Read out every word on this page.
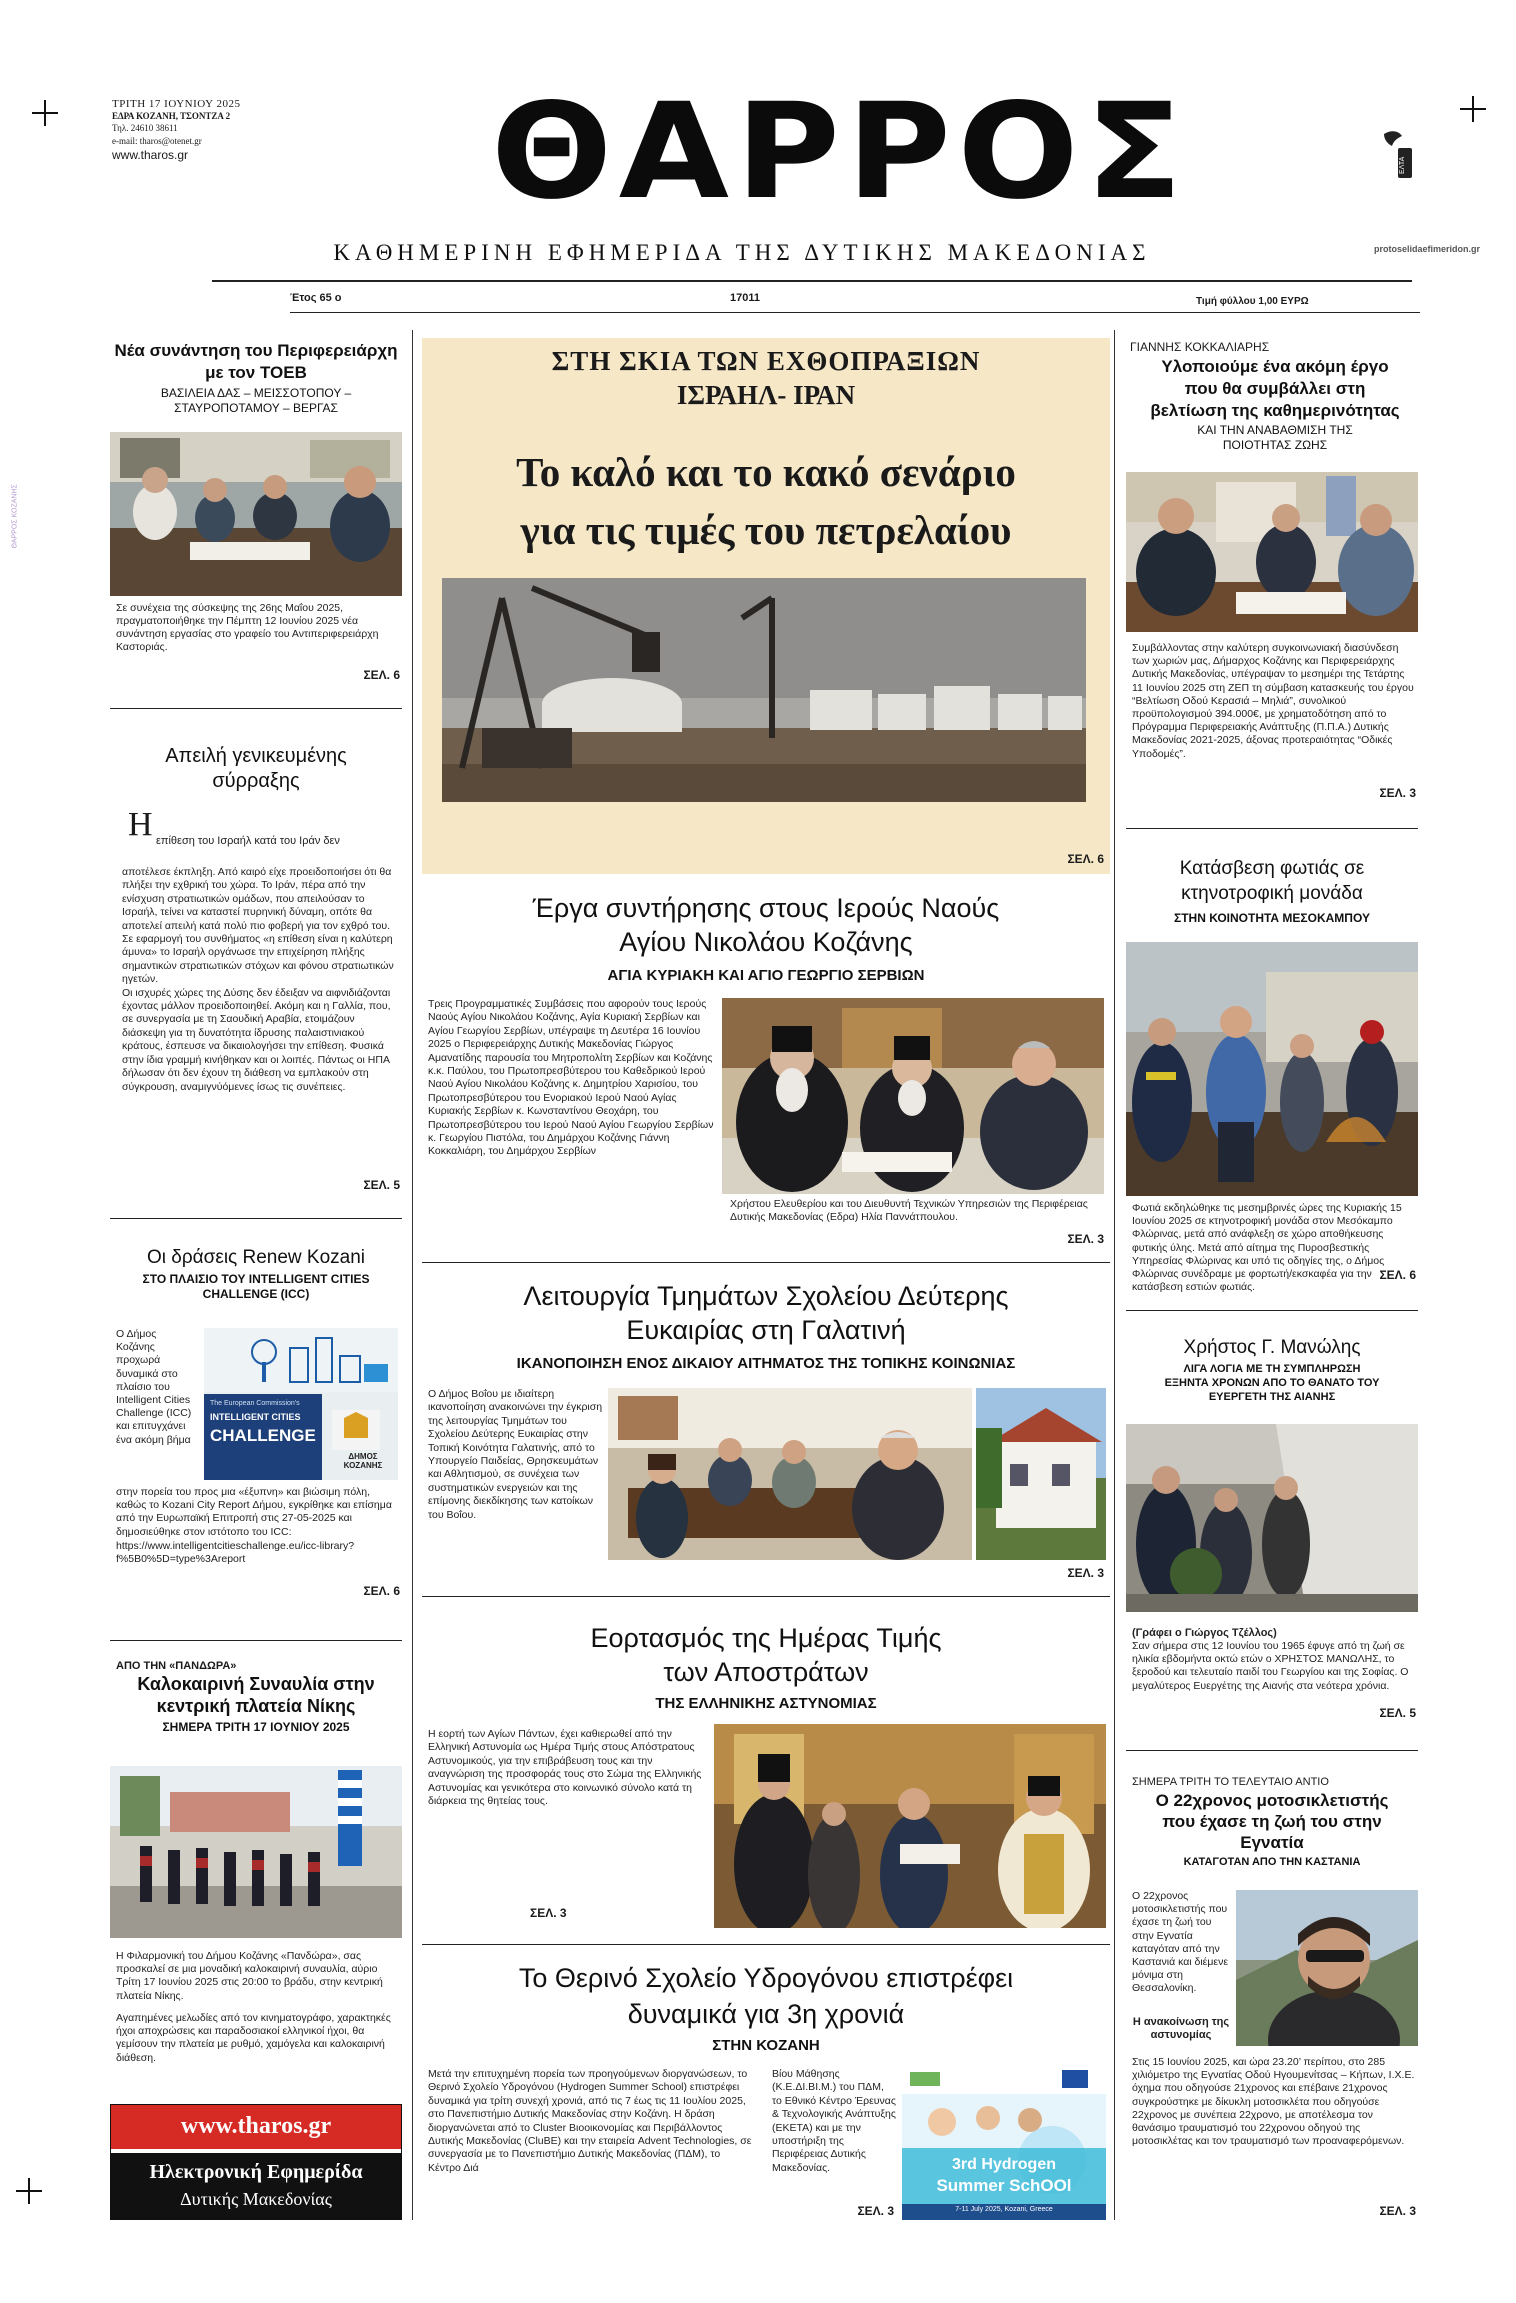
ΘΑΡΡΟΣ ΚΟΖΑΝΗΣ
ΤΡΙΤΗ 17 ΙΟΥΝΙΟΥ 2025
ΕΔΡΑ ΚΟΖΑΝΗ, ΤΣΟΝΤΖΑ 2
Τηλ. 24610 38611
e-mail: tharos@otenet.gr
www.tharos.gr	ΘΑΡΡΟΣ	ΕΛΤΑ
protoselidaefimeridon.gr
ΚΑΘΗΜΕΡΙΝΗ ΕΦΗΜΕΡΙΔΑ ΤΗΣ ΔΥΤΙΚΗΣ ΜΑΚΕΔΟΝΙΑΣ
Έτος 65 ο	17011	Τιμή φύλλου 1,00 ΕΥΡΩ
Νέα συνάντηση του Περιφερειάρχη με τον ΤΟΕΒ
ΒΑΣΙΛΕΙΑ ΔΑΣ – ΜΕΙΣΣΟΤΟΠΟΥ – ΣΤΑΥΡΟΠΟΤΑΜΟΥ – ΒΕΡΓΑΣ
Σε συνέχεια της σύσκεψης της 26ης Μαΐου 2025, πραγματοποιήθηκε την Πέμπτη 12 Ιουνίου 2025 νέα συνάντηση εργασίας στο γραφείο του Αντιπεριφερειάρχη Καστοριάς.
ΣΕΛ. 6
Απειλή γενικευμένης σύρραξης
Η επίθεση του Ισραήλ κατά του Ιράν δεν
αποτέλεσε έκπληξη. Από καιρό είχε προειδοποιήσει ότι θα πλήξει την εχθρική του χώρα. Το Ιράν, πέρα από την ενίσχυση στρατιωτικών ομάδων, που απειλούσαν το Ισραήλ, τείνει να καταστεί πυρηνική δύναμη, οπότε θα αποτελεί απειλή κατά πολύ πιο φοβερή για τον εχθρό του. Σε εφαρμογή του συνθήματος «η επίθεση είναι η καλύτερη άμυνα» το Ισραήλ οργάνωσε την επιχείρηση πλήξης σημαντικών στρατιωτικών στόχων και φόνου στρατιωτικών ηγετών.
Οι ισχυρές χώρες της Δύσης δεν έδειξαν να αιφνιδιάζονται έχοντας μάλλον προειδοποιηθεί. Ακόμη και η Γαλλία, που, σε συνεργασία με τη Σαουδική Αραβία, ετοιμάζουν διάσκεψη για τη δυνατότητα ίδρυσης παλαιστινιακού κράτους, έσπευσε να δικαιολογήσει την επίθεση. Φυσικά στην ίδια γραμμή κινήθηκαν και οι λοιπές. Πάντως οι ΗΠΑ δήλωσαν ότι δεν έχουν τη διάθεση να εμπλακούν στη σύγκρουση, αναμιγνύόμενες ίσως τις συνέπειες.
ΣΕΛ. 5
Οι δράσεις Renew Kozani
ΣΤΟ ΠΛΑΙΣΙΟ ΤΟΥ INTELLIGENT CITIES CHALLENGE (ICC)
Ο Δήμος Κοζάνης προχωρά δυναμικά στο πλαίσιο του Intelligent Cities Challenge (ICC) και επιτυγχάνει ένα ακόμη βήμα
The European Commission's
INTELLIGENT CITIES
CHALLENGE
ΔΗΜΟΣ ΚΟΖΑΝΗΣ
στην πορεία του προς μια «έξυπνη» και βιώσιμη πόλη, καθώς το Kozani City Report Δήμου, εγκρίθηκε και επίσημα από την Ευρωπαϊκή Επιτροπή στις 27-05-2025 και δημοσιεύθηκε στον ιστότοπο του ICC:
https://www.intelligentcitieschallenge.eu/icc-library?f%5B0%5D=type%3Areport
ΣΕΛ. 6
ΑΠΟ ΤΗΝ «ΠΑΝΔΩΡΑ»
Καλοκαιρινή Συναυλία στην κεντρική πλατεία Νίκης
ΣΗΜΕΡΑ ΤΡΙΤΗ 17 ΙΟΥΝΙΟΥ 2025
Η Φιλαρμονική του Δήμου Κοζάνης «Πανδώρα», σας προσκαλεί σε μια μοναδική καλοκαιρινή συναυλία, αύριο Τρίτη 17 Ιουνίου 2025 στις 20:00 το βράδυ, στην κεντρική πλατεία Νίκης.
Αγαπημένες μελωδίες από τον κινηματογράφο, χαρακτηκές ήχοι αποχρώσεις και παραδοσιακοί ελληνικοί ήχοι, θα γεμίσουν την πλατεία με ρυθμό, χαμόγελα και καλοκαιρινή διάθεση.
www.tharos.gr
Ηλεκτρονική Εφημερίδα
Δυτικής Μακεδονίας
ΣΤΗ ΣΚΙΑ ΤΩΝ ΕΧΘΟΠΡΑΞΙΩΝ
ΙΣΡΑΗΛ- ΙΡΑΝ
Το καλό και το κακό σενάριο
για τις τιμές του πετρελαίου
ΣΕΛ. 6
Έργα συντήρησης στους Ιερούς Ναούς
Αγίου Νικολάου Κοζάνης
ΑΓΙΑ ΚΥΡΙΑΚΗ ΚΑΙ ΑΓΙΟ ΓΕΩΡΓΙΟ ΣΕΡΒΙΩΝ
Τρεις Προγραμματικές Συμβάσεις που αφορούν τους Ιερούς Ναούς Αγίου Νικολάου Κοζάνης, Αγία Κυριακή Σερβίων και Αγίου Γεωργίου Σερβίων, υπέγραψε τη Δευτέρα 16 Ιουνίου 2025 ο Περιφερειάρχης Δυτικής Μακεδονίας Γιώργος Αμανατίδης παρουσία του Μητροπολίτη Σερβίων και Κοζάνης κ.κ. Παύλου, του Πρωτοπρεσβύτερου του Καθεδρικού Ιερού Ναού Αγίου Νικολάου Κοζάνης κ. Δημητρίου Χαρισίου, του Πρωτοπρεσβύτερου του Ενοριακού Ιερού Ναού Αγίας Κυριακής Σερβίων κ. Κωνσταντίνου Θεοχάρη, του Πρωτοπρεσβύτερου του Ιερού Ναού Αγίου Γεωργίου Σερβίων κ. Γεωργίου Πιστόλα, του Δημάρχου Κοζάνης Γιάννη Κοκκαλιάρη, του Δημάρχου Σερβίων
Χρήστου Ελευθερίου και του Διευθυντή Τεχνικών Υπηρεσιών της Περιφέρειας Δυτικής Μακεδονίας (Εδρα) Ηλία Παννάτπουλου.
ΣΕΛ. 3
Λειτουργία Τμημάτων Σχολείου Δεύτερης
Ευκαιρίας στη Γαλατινή
ΙΚΑΝΟΠΟΙΗΣΗ ΕΝΟΣ ΔΙΚΑΙΟΥ ΑΙΤΗΜΑΤΟΣ ΤΗΣ ΤΟΠΙΚΗΣ ΚΟΙΝΩΝΙΑΣ
Ο Δήμος Βοΐου με ιδιαίτερη ικανοποίηση ανακοινώνει την έγκριση της λειτουργίας Τμημάτων του Σχολείου Δεύτερης Ευκαιρίας στην Τοπική Κοινότητα Γαλατινής, από το Υπουργείο Παιδείας, Θρησκευμάτων και Αθλητισμού, σε συνέχεια των συστηματικών ενεργειών και της επίμονης διεκδίκησης των κατοίκων του Βοΐου.
ΣΕΛ. 3
Εορτασμός της Ημέρας Τιμής
των Αποστράτων
ΤΗΣ ΕΛΛΗΝΙΚΗΣ ΑΣΤΥΝΟΜΙΑΣ
Η εορτή των Αγίων Πάντων, έχει καθιερωθεί από την Ελληνική Αστυνομία ως Ημέρα Τιμής στους Απόστρατους Αστυνομικούς, για την επιβράβευση τους και την αναγνώριση της προσφοράς τους στο Σώμα της Ελληνικής Αστυνομίας και γενικότερα στο κοινωνικό σύνολο κατά τη διάρκεια της θητείας τους.
ΣΕΛ. 3
Το Θερινό Σχολείο Υδρογόνου επιστρέφει
δυναμικά για 3η χρονιά
ΣΤΗΝ ΚΟΖΑΝΗ
Μετά την επιτυχημένη πορεία των προηγούμενων διοργανώσεων, το Θερινό Σχολείο Υδρογόνου (Hydrogen Summer School) επιστρέφει δυναμικά για τρίτη συνεχή χρονιά, από τις 7 έως τις 11 Ιουλίου 2025, στο Πανεπιστήμιο Δυτικής Μακεδονίας στην Κοζάνη. Η δράση διοργανώνεται από το Cluster Βιοοικονομίας και Περιβάλλοντος Δυτικής Μακεδονίας (CluBE) και την εταιρεία Advent Technologies, σε συνεργασία με το Πανεπιστήμιο Δυτικής Μακεδονίας (ΠΔΜ), το Κέντρο Διά
Βίου Μάθησης (Κ.Ε.ΔΙ.ΒΙ.Μ.) του ΠΔΜ, το Εθνικό Κέντρο Έρευνας & Τεχνολογικής Ανάπτυξης (ΕΚΕΤΑ) και με την υποστήριξη της Περιφέρειας Δυτικής Μακεδονίας.
ΣΕΛ. 3
3rd Hydrogen
Summer SchOOl
7-11 July 2025, Kozani, Greece
ΓΙΑΝΝΗΣ ΚΟΚΚΑΛΙΑΡΗΣ
Υλοποιούμε ένα ακόμη έργο που θα συμβάλλει στη βελτίωση της καθημερινότητας
ΚΑΙ ΤΗΝ ΑΝΑΒΑΘΜΙΣΗ ΤΗΣ ΠΟΙΟΤΗΤΑΣ ΖΩΗΣ
Συμβάλλοντας στην καλύτερη συγκοινωνιακή διασύνδεση των χωριών μας, Δήμαρχος Κοζάνης και Περιφερειάρχης Δυτικής Μακεδονίας, υπέγραψαν το μεσημέρι της Τετάρτης 11 Ιουνίου 2025 στη ΖΕΠ τη σύμβαση κατασκευής του έργου “Βελτίωση Οδού Κερασιά – Μηλιά”, συνολικού προϋπολογισμού 394.000€, με χρηματοδότηση από το Πρόγραμμα Περιφερειακής Ανάπτυξης (Π.Π.Α.) Δυτικής Μακεδονίας 2021-2025, άξονας προτεραιότητας “Οδικές Υποδομές”.
ΣΕΛ. 3
Κατάσβεση φωτιάς σε κτηνοτροφική μονάδα
ΣΤΗΝ ΚΟΙΝΟΤΗΤΑ ΜΕΣΟΚΑΜΠΟΥ
Φωτιά εκδηλώθηκε τις μεσημβρινές ώρες της Κυριακής 15 Ιουνίου 2025 σε κτηνοτροφική μονάδα στον Μεσόκαμπο Φλώρινας, μετά από ανάφλεξη σε χώρο αποθήκευσης φυτικής ύλης. Μετά από αίτημα της Πυροσβεστικής Υπηρεσίας Φλώρινας και υπό τις οδηγίες της, ο Δήμος Φλώρινας συνέδραμε με φορτωτή/εκσκαφέα για την κατάσβεση εστιών φωτιάς.
ΣΕΛ. 6
Χρήστος Γ. Μανώλης
ΛΙΓΑ ΛΟΓΙΑ ΜΕ ΤΗ ΣΥΜΠΛΗΡΩΣΗ ΕΞΗΝΤΑ ΧΡΟΝΩΝ ΑΠΟ ΤΟ ΘΑΝΑΤΟ ΤΟΥ ΕΥΕΡΓΕΤΗ ΤΗΣ ΑΙΑΝΗΣ
(Γράφει ο Γιώργος Τζέλλος)
Σαν σήμερα στις 12 Ιουνίου του 1965 έφυγε από τη ζωή σε ηλικία εβδομήντα οκτώ ετών ο ΧΡΗΣΤΟΣ ΜΑΝΩΛΗΣ, το ξεροδού και τελευταίο παιδί του Γεωργίου και της Σοφίας. Ο μεγαλύτερος Ευεργέτης της Αιανής στα νεότερα χρόνια.
ΣΕΛ. 5
ΣΗΜΕΡΑ ΤΡΙΤΗ ΤΟ ΤΕΛΕΥΤΑΙΟ ΑΝΤΙΟ
Ο 22χρονος μοτοσικλετιστής που έχασε τη ζωή του στην Εγνατία
ΚΑΤΑΓΟΤΑΝ ΑΠΟ ΤΗΝ ΚΑΣΤΑΝΙΑ
Ο 22χρονος μοτοσικλετιστής που έχασε τη ζωή του στην Εγνατία καταγόταν από την Καστανιά και διέμενε μόνιμα στη Θεσσαλονίκη.
Η ανακοίνωση της αστυνομίας
Στις 15 Ιουνίου 2025, και ώρα 23.20’ περίπου, στο 285 χιλιόμετρο της Εγνατίας Οδού Ηγουμενίτσας – Κήπων, Ι.Χ.Ε. όχημα που οδηγούσε 21χρονος και επέβαινε 21χρονος συγκρούστηκε με δίκυκλη μοτοσικλέτα που οδηγούσε 22χρονος με συνέπεια 22χρονο, με αποτέλεσμα τον θανάσιμο τραυματισμό του 22χρονου οδηγού της μοτοσικλέτας και τον τραυματισμό των προαναφερόμενων.
ΣΕΛ. 3
